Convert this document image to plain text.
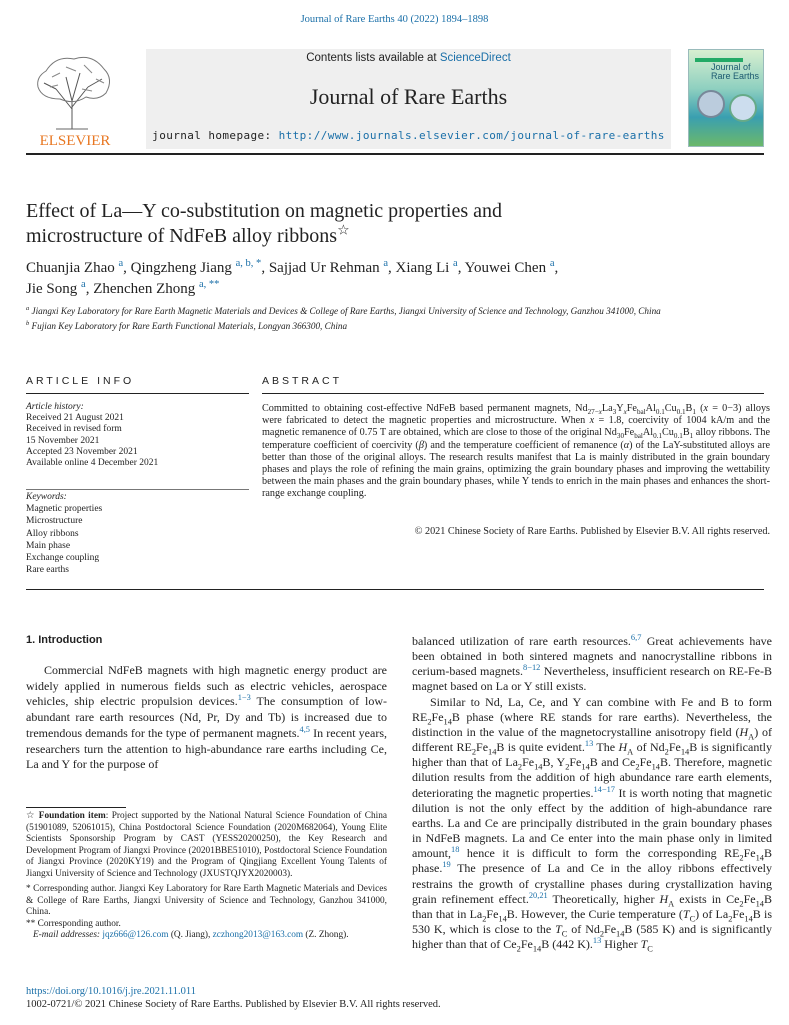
Journal of Rare Earths 40 (2022) 1894–1898
ELSEVIER
Contents lists available at ScienceDirect
Journal of Rare Earths
journal homepage: http://www.journals.elsevier.com/journal-of-rare-earths
Journal of Rare Earths
Effect of La—Y co-substitution on magnetic properties and
microstructure of NdFeB alloy ribbons☆
Chuanjia Zhao $^a$, Qingzheng Jiang $^{a, b, *}$, Sajjad Ur Rehman $^a$, Xiang Li $^a$, Youwei Chen $^a$,
Jie Song $^a$, Zhenchen Zhong $^{a, **}$
$^a$ Jiangxi Key Laboratory for Rare Earth Magnetic Materials and Devices & College of Rare Earths, Jiangxi University of Science and Technology, Ganzhou 341000, China
$^b$ Fujian Key Laboratory for Rare Earth Functional Materials, Longyan 366300, China
ARTICLE INFO	ABSTRACT
Article history:
Received 21 August 2021
Received in revised form
15 November 2021
Accepted 23 November 2021
Available online 4 December 2021
Keywords:
Magnetic properties
Microstructure
Alloy ribbons
Main phase
Exchange coupling
Rare earths
Committed to obtaining cost-effective NdFeB based permanent magnets, $Nd_{27-x}La_3Y_xFe_{bal}Al_{0.1}Cu_{0.1}B_1$ (x = 0−3) alloys were fabricated to detect the magnetic properties and microstructure. When x = 1.8, coercivity of 1004 kA/m and the magnetic remanence of 0.75 T are obtained, which are close to those of the original $Nd_{30}Fe_{bal}Al_{0.1}Cu_{0.1}B_1$ alloy ribbons. The temperature coefficient of coercivity (β) and the temperature coefficient of remanence (α) of the LaY-substituted alloys are better than those of the original alloys. The research results manifest that La is mainly distributed in the grain boundary phases and plays the role of refining the main grains, optimizing the grain boundary phases and improving the wettability between the main phases and the grain boundary phases, while Y tends to enrich in the main phases and enhances the short-range exchange coupling.
© 2021 Chinese Society of Rare Earths. Published by Elsevier B.V. All rights reserved.
1. Introduction

Commercial NdFeB magnets with high magnetic energy product are widely applied in numerous fields such as electric vehicles, aerospace vehicles, ship electric propulsion devices.$^{1-3}$ The consumption of low-abundant rare earth resources (Nd, Pr, Dy and Tb) is increased due to tremendous demands for the type of permanent magnets.$^{4,5}$ In recent years, researchers turn the attention to high-abundance rare earths including Ce, La and Y for the purpose of

☆ Foundation item: Project supported by the National Natural Science Foundation of China (51901089, 52061015), China Postdoctoral Science Foundation (2020M682064), Young Elite Scientists Sponsorship Program by CAST (YESS20200250), the Key Research and Development Program of Jiangxi Province (20201BBE51010), Postdoctoral Science Foundation of Jiangxi Province (2020KY19) and the Program of Qingjiang Excellent Young Talents of Jiangxi University of Science and Technology (JXUSTQJYX2020003).

* Corresponding author. Jiangxi Key Laboratory for Rare Earth Magnetic Materials and Devices & College of Rare Earths, Jiangxi University of Science and Technology, Ganzhou 341000, China.

** Corresponding author.

E-mail addresses: jqz666@126.com (Q. Jiang), zczhong2013@163.com (Z. Zhong).

balanced utilization of rare earth resources.$^{6,7}$ Great achievements have been obtained in both sintered magnets and nanocrystalline ribbons in cerium-based magnets.$^{8-12}$ Nevertheless, insufficient research on RE-Fe-B magnet based on La or Y still exists.

Similar to Nd, La, Ce, and Y can combine with Fe and B to form $RE_2Fe_{14}B$ phase (where RE stands for rare earths). Nevertheless, the distinction in the value of the magnetocrystalline anisotropy field $(H_A)$ of different $RE_2Fe_{14}B$ is quite evident.$^{13}$ The $H_A$ of $Nd_2Fe_{14}B$ is significantly higher than that of $La_2Fe_{14}B$, $Y_2Fe_{14}B$ and $Ce_2Fe_{14}B$. Therefore, magnetic dilution results from the addition of high abundance rare earth elements, deteriorating the magnetic properties.$^{14-17}$ It is worth noting that magnetic dilution is not the only effect by the addition of high-abundance rare earths. La and Ce are principally distributed in the grain boundary phases in NdFeB magnets. La and Ce enter into the main phase only in limited amount,$^{18}$ hence it is difficult to form the corresponding $RE_2Fe_{14}B$ phase.$^{19}$ The presence of La and Ce in the alloy ribbons effectively restrains the growth of crystalline phases during crystallization having grain refinement effect.$^{20,21}$ Theoretically, higher $H_A$ exists in $Ce_2Fe_{14}B$ than that in $La_2Fe_{14}B$. However, the Curie temperature $(T_C)$ of $La_2Fe_{14}B$ is 530 K, which is close to the $T_C$ of $Nd_2Fe_{14}B$ (585 K) and is significantly higher than that of $Ce_2Fe_{14}B$ (442 K).$^{13}$ Higher $T_C$

https://doi.org/10.1016/j.jre.2021.11.011
1002-0721/© 2021 Chinese Society of Rare Earths. Published by Elsevier B.V. All rights reserved.
